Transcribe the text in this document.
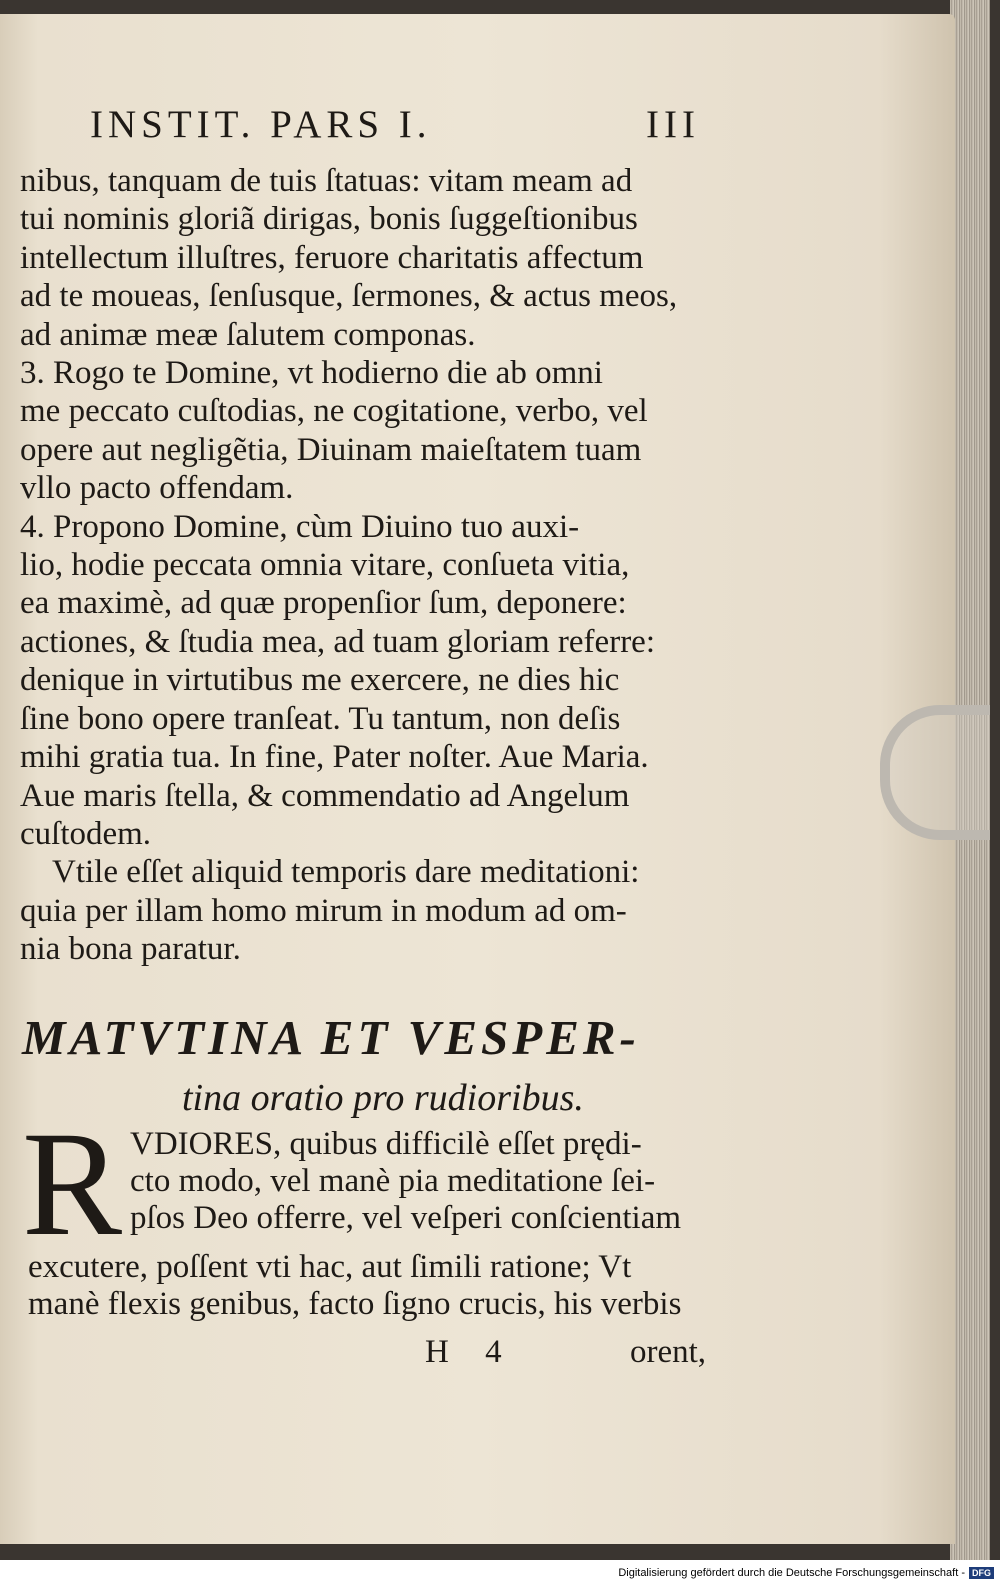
INSTIT. PARS I.	III
nibus, tanquam de tuis ſtatuas: vitam meam ad
tui nominis gloriã dirigas, bonis ſuggeſtionibus
intellectum illuſtres, feruore charitatis affectum
ad te moueas, ſenſusque, ſermones, & actus meos,
ad animæ meæ ſalutem componas.
3. Rogo te Domine, vt hodierno die ab omni
me peccato cuſtodias, ne cogitatione, verbo, vel
opere aut negligẽtia, Diuinam maieſtatem tuam
vllo pacto offendam.
4. Propono Domine, cùm Diuino tuo auxi-
lio, hodie peccata omnia vitare, conſueta vitia,
ea maximè, ad quæ propenſior ſum, deponere:
actiones, & ſtudia mea, ad tuam gloriam referre:
denique in virtutibus me exercere, ne dies hic
ſine bono opere tranſeat. Tu tantum, non deſis
mihi gratia tua. In fine, Pater noſter. Aue Maria.
Aue maris ſtella, & commendatio ad Angelum
cuſtodem.
Vtile eſſet aliquid temporis dare meditationi:
quia per illam homo mirum in modum ad om-
nia bona paratur.
MATVTINA ET VESPER-
tina oratio pro rudioribus.
R VDIORES, quibus difficilè eſſet prędi-
cto modo, vel manè pia meditatione ſei-
pſos Deo offerre, vel veſperi conſcientiam
excutere, poſſent vti hac, aut ſimili ratione; Vt
manè flexis genibus, facto ſigno crucis, his verbis
H 4	orent,
Digitalisierung gefördert durch die Deutsche Forschungsgemeinschaft - DFG
